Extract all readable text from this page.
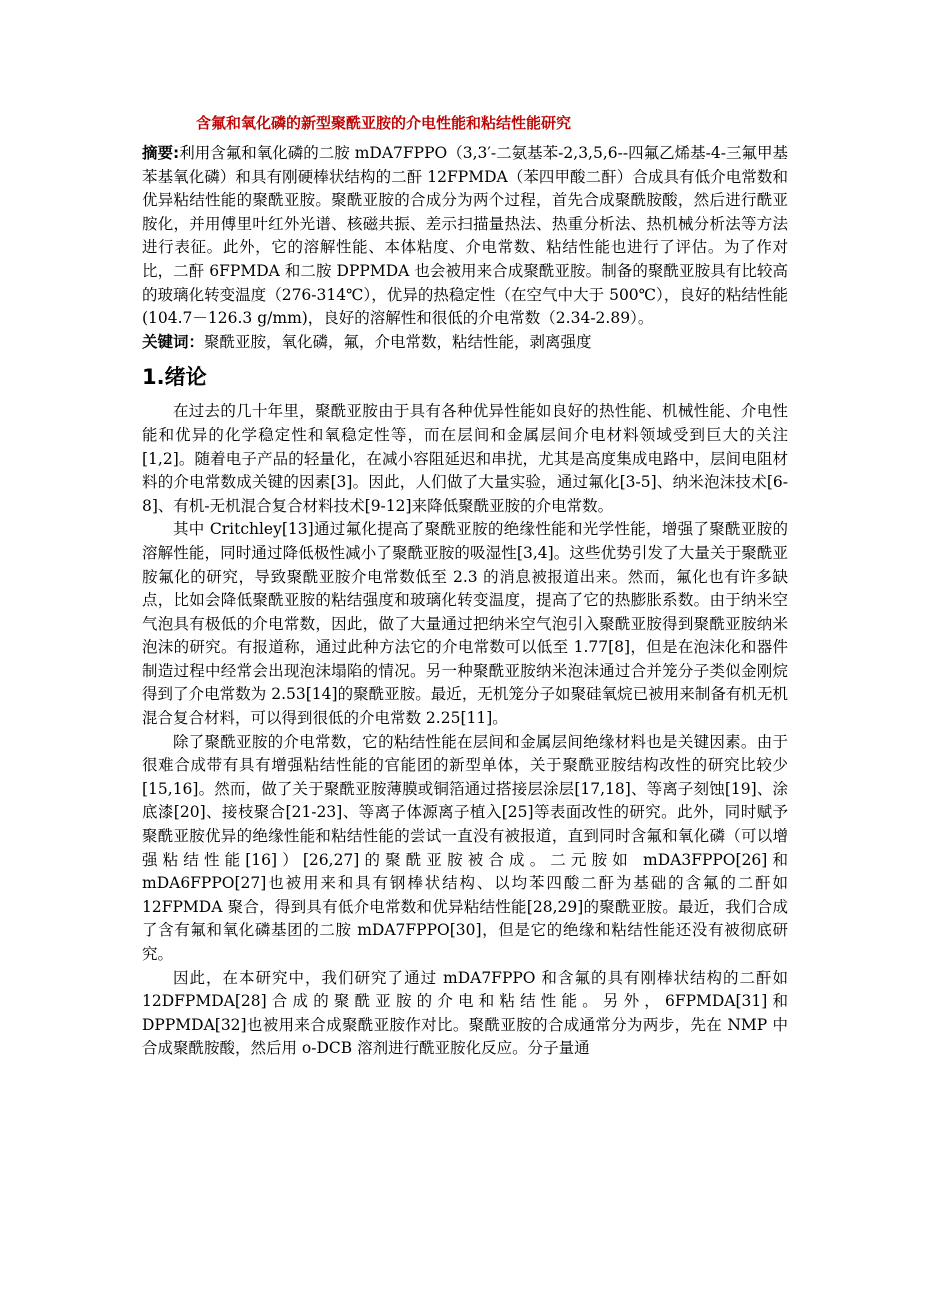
含氟和氧化磷的新型聚酰亚胺的介电性能和粘结性能研究

摘要:利用含氟和氧化磷的二胺 mDA7FPPO（3,3′-二氨基苯-2,3,5,6--四氟乙烯基-4-三氟甲基苯基氧化磷）和具有刚硬棒状结构的二酐 12FPMDA（苯四甲酸二酐）合成具有低介电常数和优异粘结性能的聚酰亚胺。聚酰亚胺的合成分为两个过程，首先合成聚酰胺酸，然后进行酰亚胺化，并用傅里叶红外光谱、核磁共振、差示扫描量热法、热重分析法、热机械分析法等方法进行表征。此外，它的溶解性能、本体粘度、介电常数、粘结性能也进行了评估。为了作对比，二酐 6FPMDA 和二胺 DPPMDA 也会被用来合成聚酰亚胺。制备的聚酰亚胺具有比较高的玻璃化转变温度（276-314℃），优异的热稳定性（在空气中大于 500℃），良好的粘结性能(104.7－126.3 g/mm)，良好的溶解性和很低的介电常数（2.34-2.89）。

关键词：聚酰亚胺，氧化磷，氟，介电常数，粘结性能，剥离强度

1.绪论

在过去的几十年里，聚酰亚胺由于具有各种优异性能如良好的热性能、机械性能、介电性能和优异的化学稳定性和氧稳定性等，而在层间和金属层间介电材料领域受到巨大的关注[1,2]。随着电子产品的轻量化，在减小容阻延迟和串扰，尤其是高度集成电路中，层间电阻材料的介电常数成关键的因素[3]。因此，人们做了大量实验，通过氟化[3-5]、纳米泡沫技术[6-8]、有机-无机混合复合材料技术[9-12]来降低聚酰亚胺的介电常数。

其中 Critchley[13]通过氟化提高了聚酰亚胺的绝缘性能和光学性能，增强了聚酰亚胺的溶解性能，同时通过降低极性减小了聚酰亚胺的吸湿性[3,4]。这些优势引发了大量关于聚酰亚胺氟化的研究，导致聚酰亚胺介电常数低至 2.3 的消息被报道出来。然而，氟化也有许多缺点，比如会降低聚酰亚胺的粘结强度和玻璃化转变温度，提高了它的热膨胀系数。由于纳米空气泡具有极低的介电常数，因此，做了大量通过把纳米空气泡引入聚酰亚胺得到聚酰亚胺纳米泡沫的研究。有报道称，通过此种方法它的介电常数可以低至 1.77[8]，但是在泡沫化和器件制造过程中经常会出现泡沫塌陷的情况。另一种聚酰亚胺纳米泡沫通过合并笼分子类似金刚烷得到了介电常数为 2.53[14]的聚酰亚胺。最近，无机笼分子如聚硅氧烷已被用来制备有机无机混合复合材料，可以得到很低的介电常数 2.25[11]。

除了聚酰亚胺的介电常数，它的粘结性能在层间和金属层间绝缘材料也是关键因素。由于很难合成带有具有增强粘结性能的官能团的新型单体，关于聚酰亚胺结构改性的研究比较少[15,16]。然而，做了关于聚酰亚胺薄膜或铜箔通过搭接层涂层[17,18]、等离子刻蚀[19]、涂底漆[20]、接枝聚合[21-23]、等离子体源离子植入[25]等表面改性的研究。此外，同时赋予聚酰亚胺优异的绝缘性能和粘结性能的尝试一直没有被报道，直到同时含氟和氧化磷（可以增强粘结性能[16]）[26,27]的聚酰亚胺被合成。二元胺如 mDA3FPPO[26]和 mDA6FPPO[27]也被用来和具有钢棒状结构、以均苯四酸二酐为基础的含氟的二酐如 12FPMDA 聚合，得到具有低介电常数和优异粘结性能[28,29]的聚酰亚胺。最近，我们合成了含有氟和氧化磷基团的二胺 mDA7FPPO[30]，但是它的绝缘和粘结性能还没有被彻底研究。

因此，在本研究中，我们研究了通过 mDA7FPPO 和含氟的具有刚棒状结构的二酐如 12DFPMDA[28]合成的聚酰亚胺的介电和粘结性能。另外，6FPMDA[31]和 DPPMDA[32]也被用来合成聚酰亚胺作对比。聚酰亚胺的合成通常分为两步，先在 NMP 中合成聚酰胺酸，然后用 o-DCB 溶剂进行酰亚胺化反应。分子量通
